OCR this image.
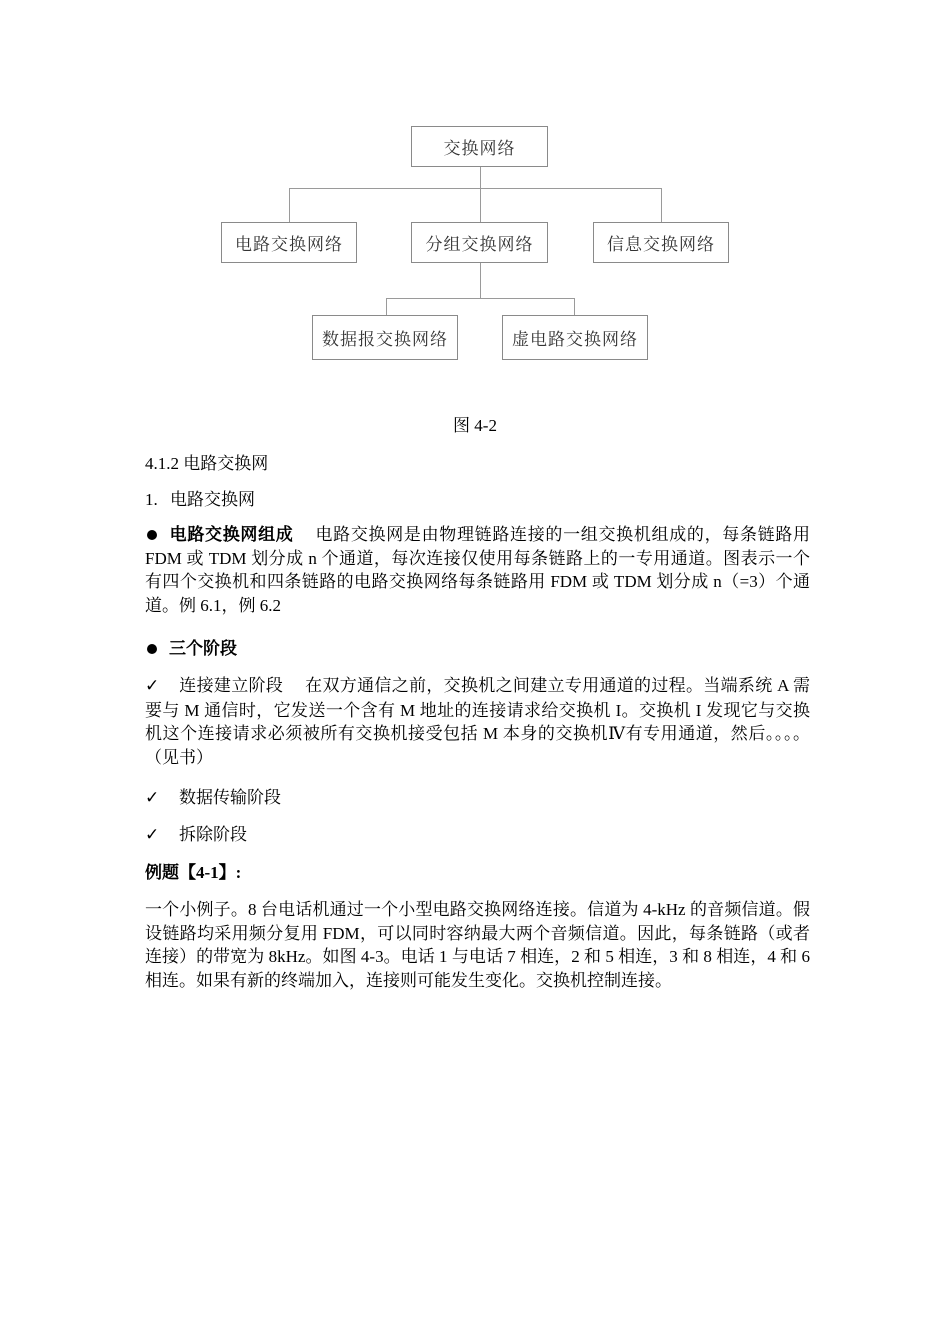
交换网络
电路交换网络	分组交换网络	信息交换网络
数据报交换网络	虚电路交换网络
图 4-2
4.1.2 电路交换网
1. 电路交换网
电路交换网组成 电路交换网是由物理链路连接的一组交换机组成的，每条链路用 FDM 或 TDM 划分成 n 个通道，每次连接仅使用每条链路上的一专用通道。图表示一个有四个交换机和四条链路的电路交换网络每条链路用 FDM 或 TDM 划分成 n（=3）个通道。例 6.1，例 6.2
三个阶段
✓ 连接建立阶段 在双方通信之前，交换机之间建立专用通道的过程。当端系统 A 需要与 M 通信时，它发送一个含有 M 地址的连接请求给交换机 I。交换机 I 发现它与交换机这个连接请求必须被所有交换机接受包括 M 本身的交换机Ⅳ有专用通道，然后。。。。（见书）
✓ 数据传输阶段
✓ 拆除阶段
例题【4-1】:
一个小例子。8 台电话机通过一个小型电路交换网络连接。信道为 4-kHz 的音频信道。假设链路均采用频分复用 FDM，可以同时容纳最大两个音频信道。因此，每条链路（或者连接）的带宽为 8kHz。如图 4-3。电话 1 与电话 7 相连，2 和 5 相连，3 和 8 相连，4 和 6 相连。如果有新的终端加入，连接则可能发生变化。交换机控制连接。
